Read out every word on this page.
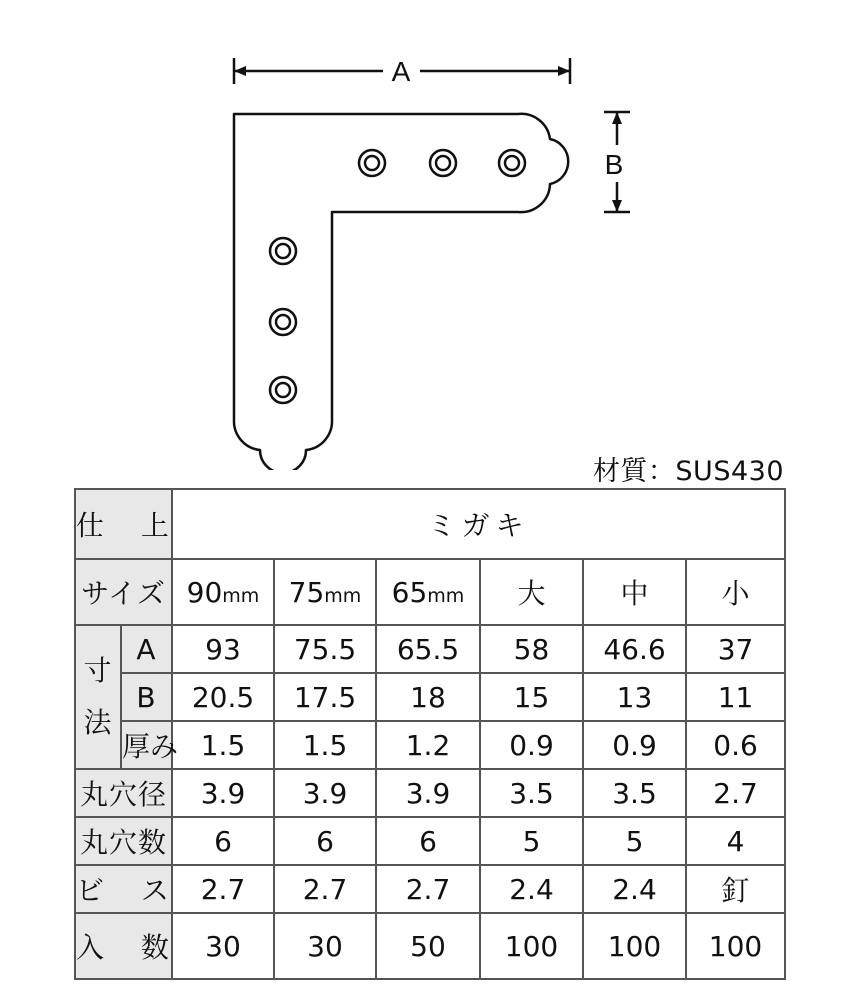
A
B
材質：SUS430
仕 上		ミガキ					
サイズ		90mm	75mm	65mm	大	中	小
寸
法	A	93	75.5	65.5	58	46.6	37
	B	20.5	17.5	18	15	13	11
	厚み	1.5	1.5	1.2	0.9	0.9	0.6
丸穴径		3.9	3.9	3.9	3.5	3.5	2.7
丸穴数		6	6	6	5	5	4
ビ ス		2.7	2.7	2.7	2.4	2.4	釘
入 数		30	30	50	100	100	100
